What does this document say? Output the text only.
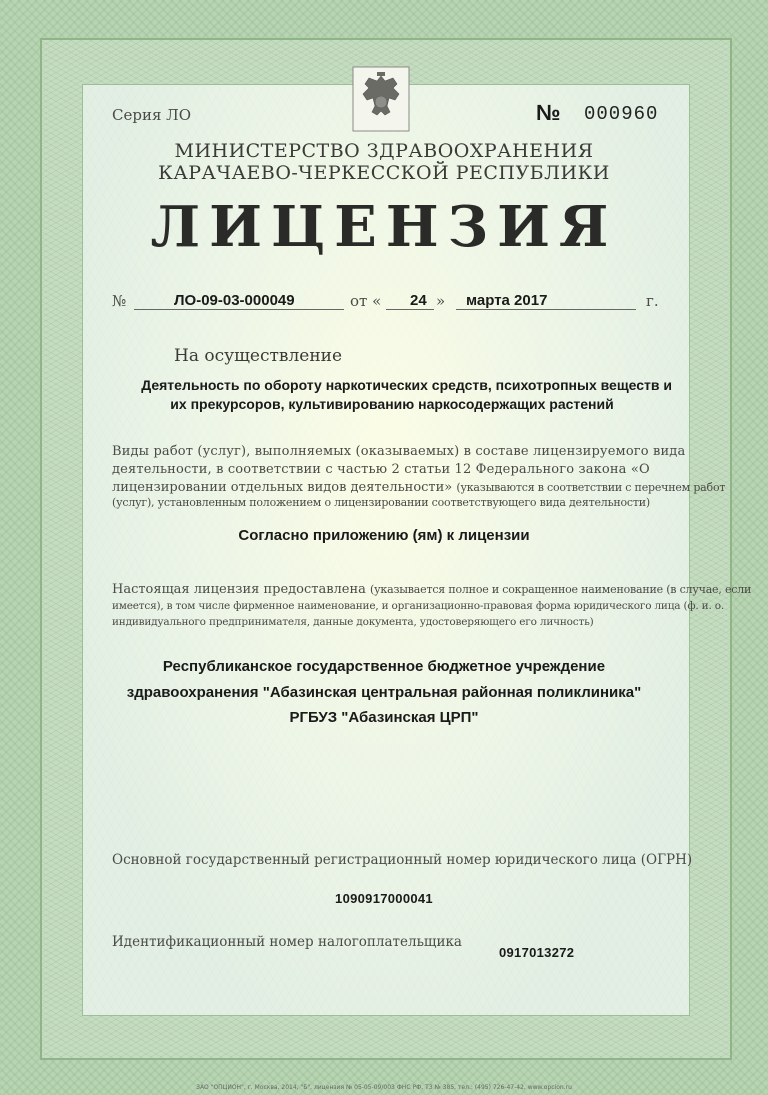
Серия ЛО	№ 000960

МИНИСТЕРСТВО ЗДРАВООХРАНЕНИЯ

КАРАЧАЕВО-ЧЕРКЕССКОЙ РЕСПУБЛИКИ

ЛИЦЕНЗИЯ

№	ЛО-09-03-000049	от « 24 » марта 2017	г.

На осуществление

Деятельность по обороту наркотических средств, психотропных веществ и

их прекурсоров, культивированию наркосодержащих растений

Виды работ (услуг), выполняемых (оказываемых) в составе лицензируемого вида

деятельности, в соответствии с частью 2 статьи 12 Федерального закона «О

лицензировании отдельных видов деятельности» (указываются в соответствии с перечнем работ

(услуг), установленным положением о лицензировании соответствующего вида деятельности)

Согласно приложению (ям) к лицензии

Настоящая лицензия предоставлена (указывается полное и сокращенное наименование (в случае, если

имеется), в том числе фирменное наименование, и организационно-правовая форма юридического лица (ф. и. о.

индивидуального предпринимателя, данные документа, удостоверяющего его личность)

Республиканское государственное бюджетное учреждение

здравоохранения "Абазинская центральная районная поликлиника"

РГБУЗ "Абазинская ЦРП"

Основной государственный регистрационный номер юридического лица (ОГРН)

1090917000041

Идентификационный номер налогоплательщика

0917013272

ЗАО "ОПЦИОН", г. Москва, 2014, "Б", лицензия № 05-05-09/003 ФНС РФ, ТЗ № 385, тел.: (495) 726-47-42, www.opcion.ru
